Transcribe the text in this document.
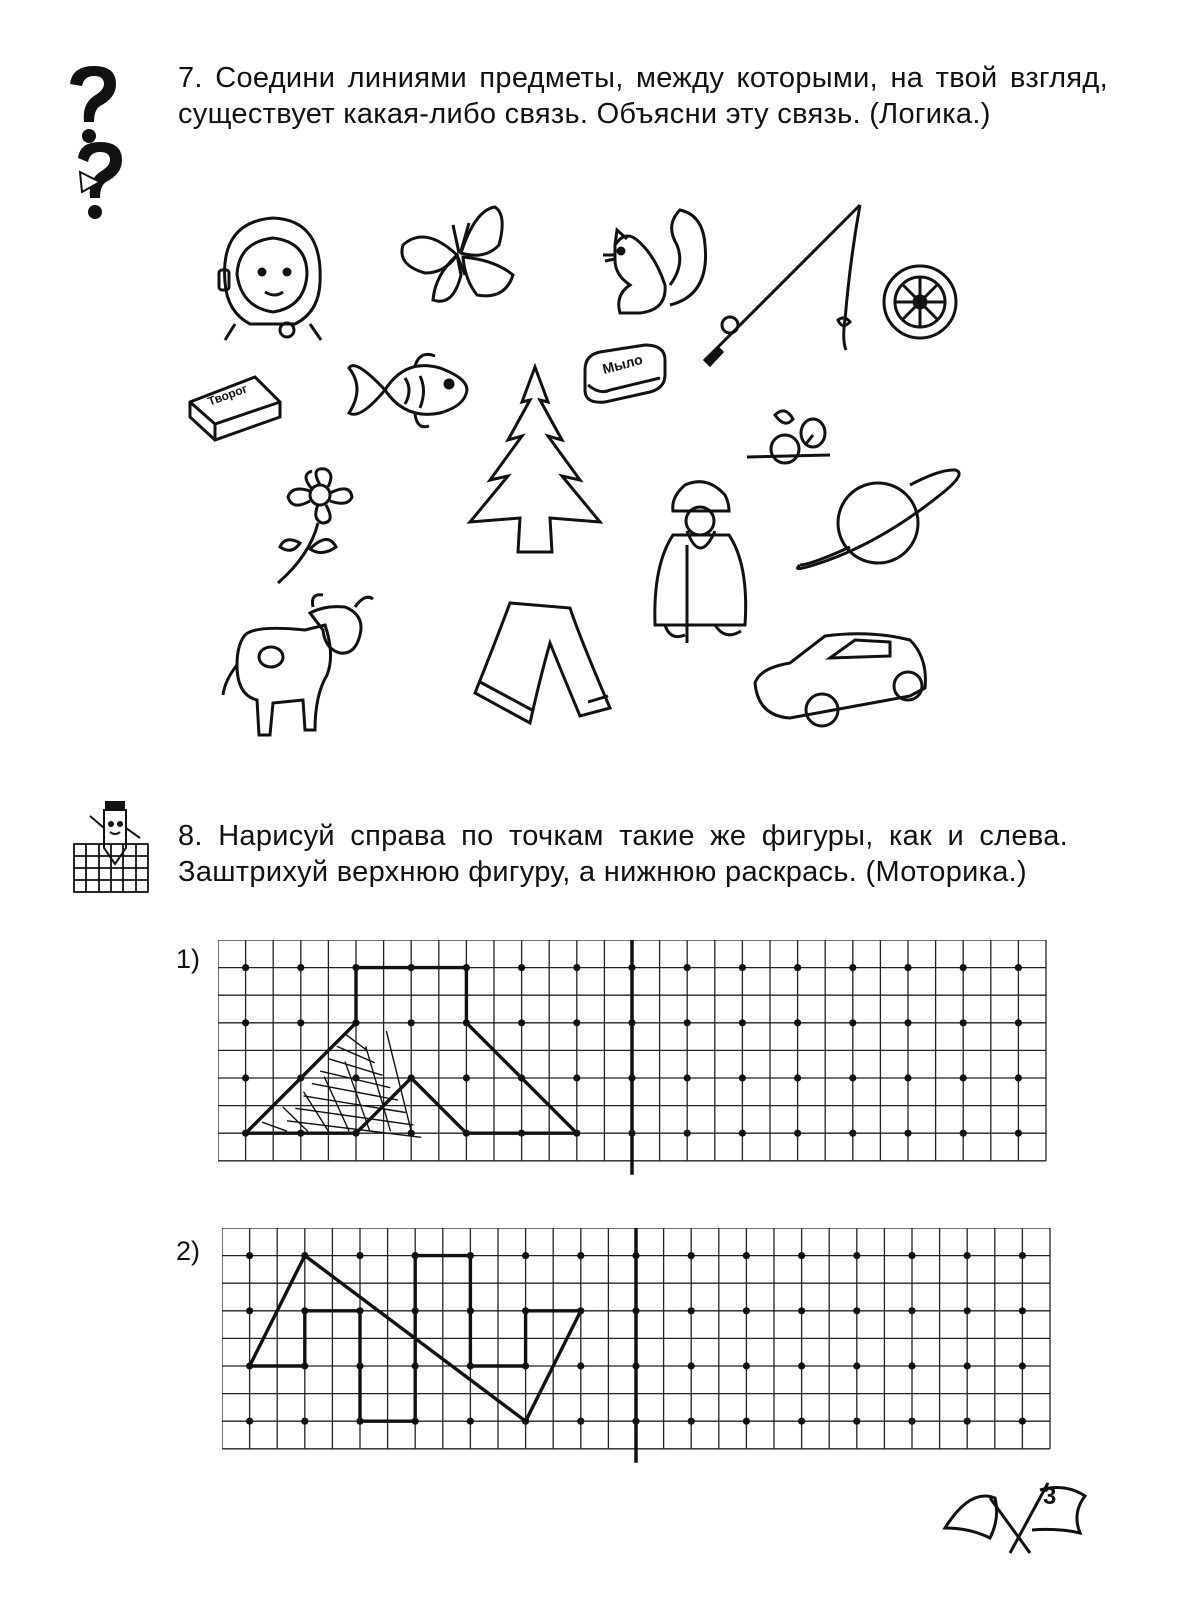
7. Соедини линиями предметы, между которыми, на твой взгляд, существует какая-либо связь. Объясни эту связь. (Логика.)
Творог
Мыло
8. Нарисуй справа по точкам такие же фигуры, как и слева. Заштрихуй верхнюю фигуру, а нижнюю раскрась. (Моторика.)
1)
2)
3
